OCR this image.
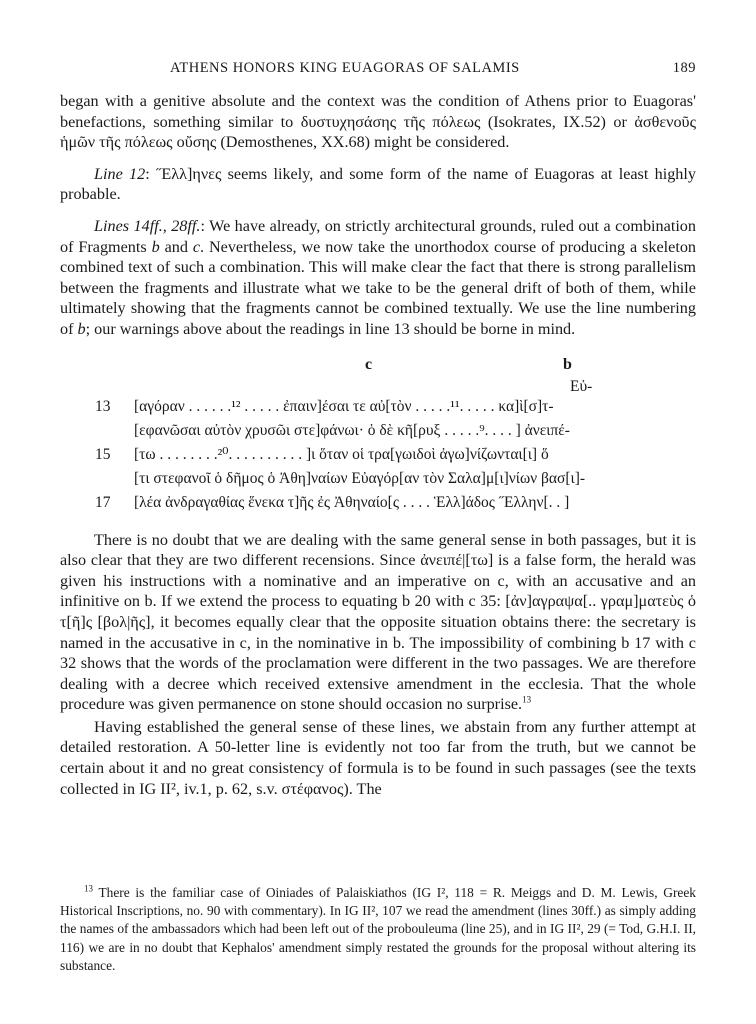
ATHENS HONORS KING EUAGORAS OF SALAMIS	189

began with a genitive absolute and the context was the condition of Athens prior to Euagoras' benefactions, something similar to δυστυχησάσης τῆς πόλεως (Isokrates, IX.52) or ἀσθενοῦς ἡμῶν τῆς πόλεως οὔσης (Demosthenes, XX.68) might be considered.

Line 12: ˝Ελλ]ηνες seems likely, and some form of the name of Euagoras at least highly probable.

Lines 14ff., 28ff.: We have already, on strictly architectural grounds, ruled out a combination of Fragments b and c. Nevertheless, we now take the unorthodox course of producing a skeleton combined text of such a combination. This will make clear the fact that there is strong parallelism between the fragments and illustrate what we take to be the general drift of both of them, while ultimately showing that the fragments cannot be combined textually. We use the line numbering of b; our warnings above about the readings in line 13 should be borne in mind.

c	b
Εὐ-
13	[αγόραν . . . . . .¹² . . . . . ἐπαιν]έσαι τε αὐ[τὸν . . . . .¹¹. . . . . κα]ὶ[σ]τ-
[εφανῶσαι αὐτὸν χρυσῶι στε]φάνωι· ὁ δὲ κῆ[ρυξ . . . . .⁹. . . . ] ἀνειπέ-
15	[τω . . . . . . . .²⁰. . . . . . . . . . ]ι ὅταν οἱ τρα[γωιδοὶ ἀγω]νίζωνται[ι] ὅ
[τι στεφανοῖ ὁ δῆμος ὁ Ἀθη]ναίων Εὐαγόρ[αν τὸν Σαλα]μ[ι]νίων βασ[ι]-
17	[λέα ἀνδραγαθίας ἕνεκα τ]ῆς ἐς Ἀθηναίο[ς . . . . Ἑλλ]άδος ˝Ελλην[. . ]

There is no doubt that we are dealing with the same general sense in both passages, but it is also clear that they are two different recensions. Since ἀνειπέ|[τω] is a false form, the herald was given his instructions with a nominative and an imperative on c, with an accusative and an infinitive on b. If we extend the process to equating b 20 with c 35: [ἀν]αγραψα[.. γραμ]ματεὺς ὁ τ[ῆ]ς [βολ|ῆς], it becomes equally clear that the opposite situation obtains there: the secretary is named in the accusative in c, in the nominative in b. The impossibility of combining b 17 with c 32 shows that the words of the proclamation were different in the two passages. We are therefore dealing with a decree which received extensive amendment in the ecclesia. That the whole procedure was given permanence on stone should occasion no surprise.$^{13}$

Having established the general sense of these lines, we abstain from any further attempt at detailed restoration. A 50-letter line is evidently not too far from the truth, but we cannot be certain about it and no great consistency of formula is to be found in such passages (see the texts collected in IG II², iv.1, p. 62, s.v. στέφανος). The

$^{13}$ There is the familiar case of Oiniades of Palaiskiathos (IG I², 118 = R. Meiggs and D. M. Lewis, Greek Historical Inscriptions, no. 90 with commentary). In IG II², 107 we read the amendment (lines 30ff.) as simply adding the names of the ambassadors which had been left out of the probouleuma (line 25), and in IG II², 29 (= Tod, G.H.I. II, 116) we are in no doubt that Kephalos' amendment simply restated the grounds for the proposal without altering its substance.
